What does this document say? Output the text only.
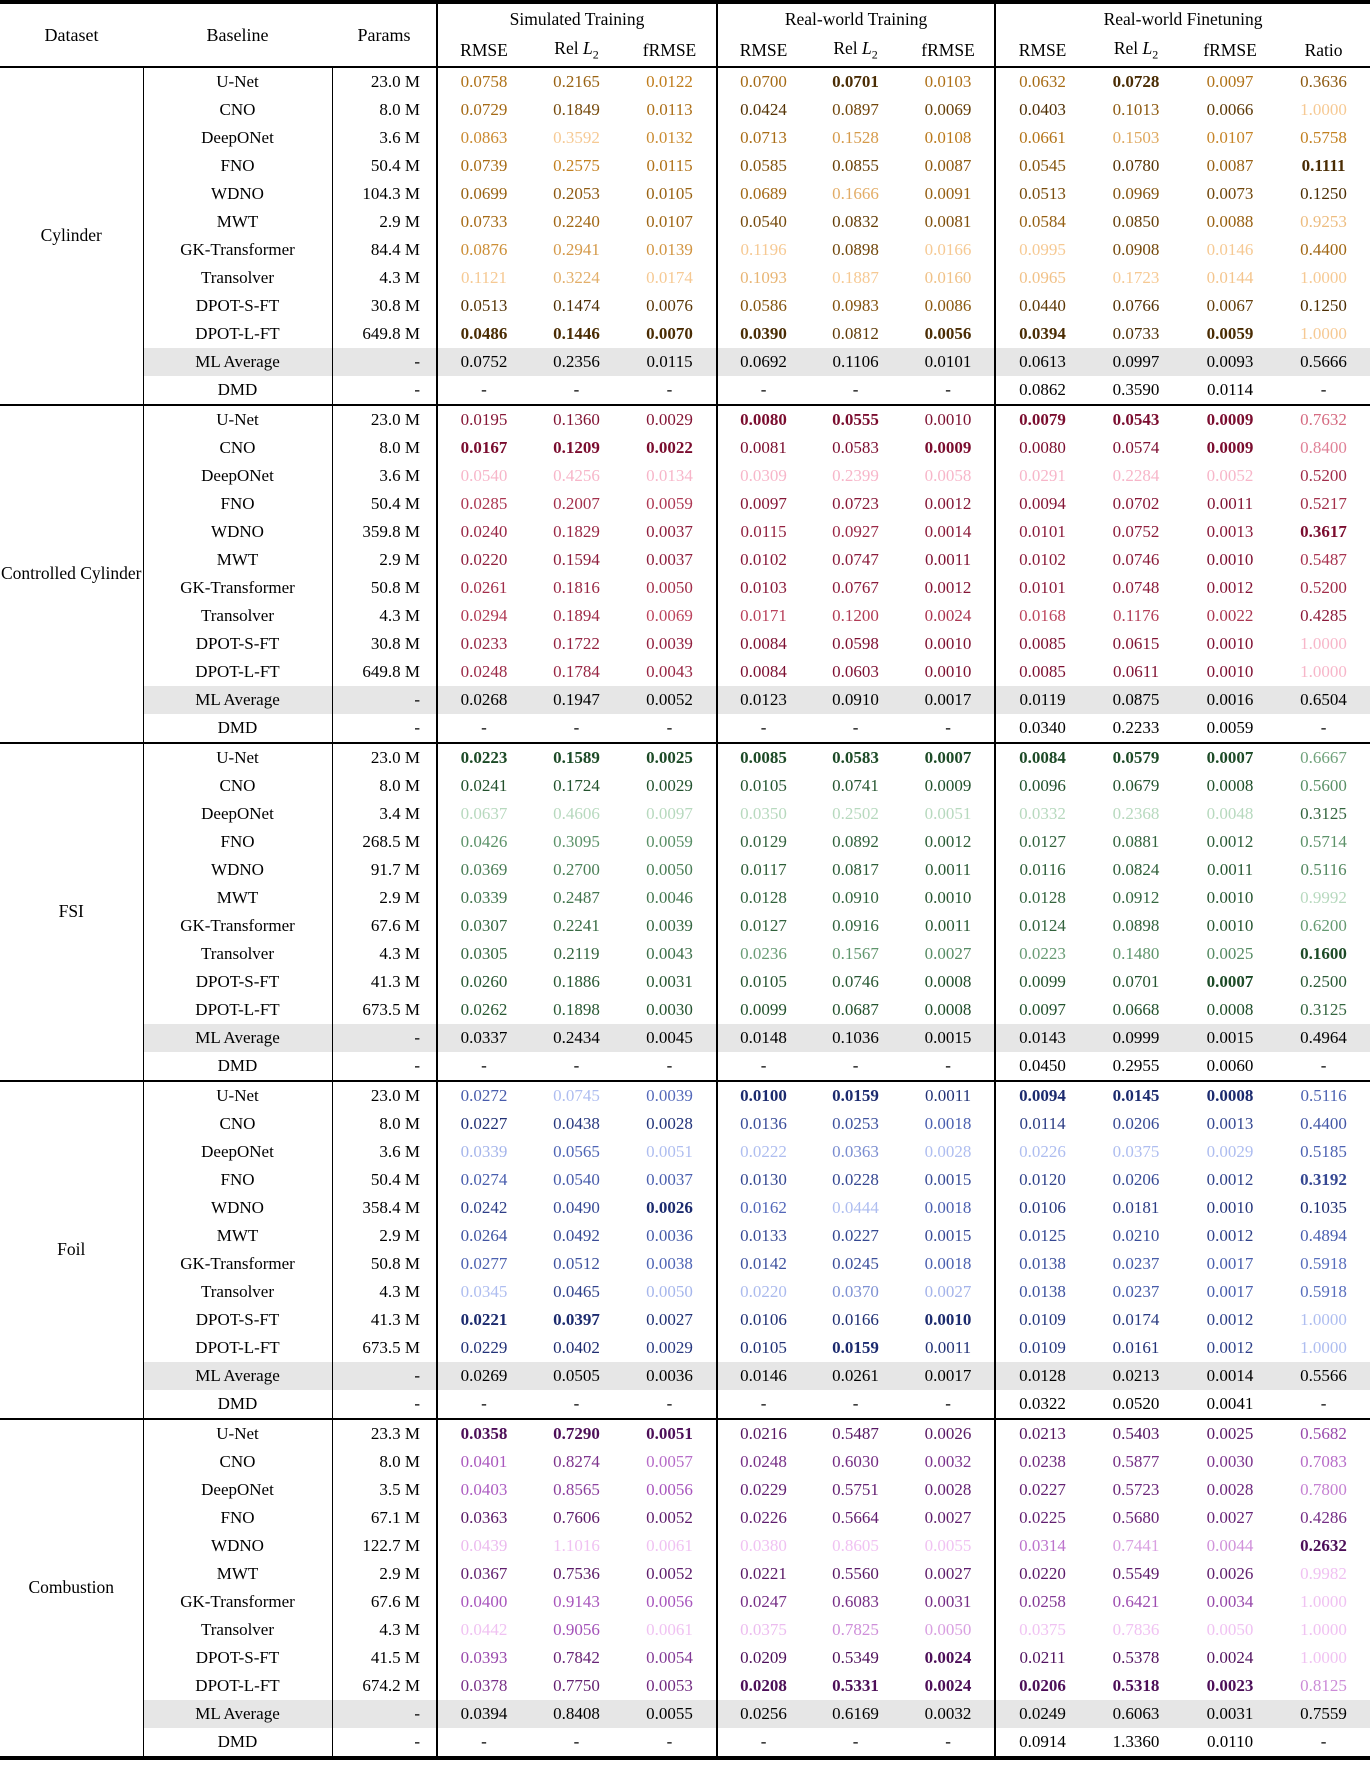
Dataset	Baseline	Params	Simulated Training			Real-world Training			Real-world Finetuning			
			RMSE	Rel $L_2$	fRMSE	RMSE	Rel $L_2$	fRMSE	RMSE	Rel $L_2$	fRMSE	Ratio
Cylinder	U-Net	23.0 M	0.0758	0.2165	0.0122	0.0700	0.0701	0.0103	0.0632	0.0728	0.0097	0.3636
	CNO	8.0 M	0.0729	0.1849	0.0113	0.0424	0.0897	0.0069	0.0403	0.1013	0.0066	1.0000
	DeepONet	3.6 M	0.0863	0.3592	0.0132	0.0713	0.1528	0.0108	0.0661	0.1503	0.0107	0.5758
	FNO	50.4 M	0.0739	0.2575	0.0115	0.0585	0.0855	0.0087	0.0545	0.0780	0.0087	0.1111
	WDNO	104.3 M	0.0699	0.2053	0.0105	0.0689	0.1666	0.0091	0.0513	0.0969	0.0073	0.1250
	MWT	2.9 M	0.0733	0.2240	0.0107	0.0540	0.0832	0.0081	0.0584	0.0850	0.0088	0.9253
	GK-Transformer	84.4 M	0.0876	0.2941	0.0139	0.1196	0.0898	0.0166	0.0995	0.0908	0.0146	0.4400
	Transolver	4.3 M	0.1121	0.3224	0.0174	0.1093	0.1887	0.0160	0.0965	0.1723	0.0144	1.0000
	DPOT-S-FT	30.8 M	0.0513	0.1474	0.0076	0.0586	0.0983	0.0086	0.0440	0.0766	0.0067	0.1250
	DPOT-L-FT	649.8 M	0.0486	0.1446	0.0070	0.0390	0.0812	0.0056	0.0394	0.0733	0.0059	1.0000
	ML Average	-	0.0752	0.2356	0.0115	0.0692	0.1106	0.0101	0.0613	0.0997	0.0093	0.5666
	DMD	-	-	-	-	-	-	-	0.0862	0.3590	0.0114	-
Controlled Cylinder	U-Net	23.0 M	0.0195	0.1360	0.0029	0.0080	0.0555	0.0010	0.0079	0.0543	0.0009	0.7632
	CNO	8.0 M	0.0167	0.1209	0.0022	0.0081	0.0583	0.0009	0.0080	0.0574	0.0009	0.8400
	DeepONet	3.6 M	0.0540	0.4256	0.0134	0.0309	0.2399	0.0058	0.0291	0.2284	0.0052	0.5200
	FNO	50.4 M	0.0285	0.2007	0.0059	0.0097	0.0723	0.0012	0.0094	0.0702	0.0011	0.5217
	WDNO	359.8 M	0.0240	0.1829	0.0037	0.0115	0.0927	0.0014	0.0101	0.0752	0.0013	0.3617
	MWT	2.9 M	0.0220	0.1594	0.0037	0.0102	0.0747	0.0011	0.0102	0.0746	0.0010	0.5487
	GK-Transformer	50.8 M	0.0261	0.1816	0.0050	0.0103	0.0767	0.0012	0.0101	0.0748	0.0012	0.5200
	Transolver	4.3 M	0.0294	0.1894	0.0069	0.0171	0.1200	0.0024	0.0168	0.1176	0.0022	0.4285
	DPOT-S-FT	30.8 M	0.0233	0.1722	0.0039	0.0084	0.0598	0.0010	0.0085	0.0615	0.0010	1.0000
	DPOT-L-FT	649.8 M	0.0248	0.1784	0.0043	0.0084	0.0603	0.0010	0.0085	0.0611	0.0010	1.0000
	ML Average	-	0.0268	0.1947	0.0052	0.0123	0.0910	0.0017	0.0119	0.0875	0.0016	0.6504
	DMD	-	-	-	-	-	-	-	0.0340	0.2233	0.0059	-
FSI	U-Net	23.0 M	0.0223	0.1589	0.0025	0.0085	0.0583	0.0007	0.0084	0.0579	0.0007	0.6667
	CNO	8.0 M	0.0241	0.1724	0.0029	0.0105	0.0741	0.0009	0.0096	0.0679	0.0008	0.5600
	DeepONet	3.4 M	0.0637	0.4606	0.0097	0.0350	0.2502	0.0051	0.0332	0.2368	0.0048	0.3125
	FNO	268.5 M	0.0426	0.3095	0.0059	0.0129	0.0892	0.0012	0.0127	0.0881	0.0012	0.5714
	WDNO	91.7 M	0.0369	0.2700	0.0050	0.0117	0.0817	0.0011	0.0116	0.0824	0.0011	0.5116
	MWT	2.9 M	0.0339	0.2487	0.0046	0.0128	0.0910	0.0010	0.0128	0.0912	0.0010	0.9992
	GK-Transformer	67.6 M	0.0307	0.2241	0.0039	0.0127	0.0916	0.0011	0.0124	0.0898	0.0010	0.6200
	Transolver	4.3 M	0.0305	0.2119	0.0043	0.0236	0.1567	0.0027	0.0223	0.1480	0.0025	0.1600
	DPOT-S-FT	41.3 M	0.0260	0.1886	0.0031	0.0105	0.0746	0.0008	0.0099	0.0701	0.0007	0.2500
	DPOT-L-FT	673.5 M	0.0262	0.1898	0.0030	0.0099	0.0687	0.0008	0.0097	0.0668	0.0008	0.3125
	ML Average	-	0.0337	0.2434	0.0045	0.0148	0.1036	0.0015	0.0143	0.0999	0.0015	0.4964
	DMD	-	-	-	-	-	-	-	0.0450	0.2955	0.0060	-
Foil	U-Net	23.0 M	0.0272	0.0745	0.0039	0.0100	0.0159	0.0011	0.0094	0.0145	0.0008	0.5116
	CNO	8.0 M	0.0227	0.0438	0.0028	0.0136	0.0253	0.0018	0.0114	0.0206	0.0013	0.4400
	DeepONet	3.6 M	0.0339	0.0565	0.0051	0.0222	0.0363	0.0028	0.0226	0.0375	0.0029	0.5185
	FNO	50.4 M	0.0274	0.0540	0.0037	0.0130	0.0228	0.0015	0.0120	0.0206	0.0012	0.3192
	WDNO	358.4 M	0.0242	0.0490	0.0026	0.0162	0.0444	0.0018	0.0106	0.0181	0.0010	0.1035
	MWT	2.9 M	0.0264	0.0492	0.0036	0.0133	0.0227	0.0015	0.0125	0.0210	0.0012	0.4894
	GK-Transformer	50.8 M	0.0277	0.0512	0.0038	0.0142	0.0245	0.0018	0.0138	0.0237	0.0017	0.5918
	Transolver	4.3 M	0.0345	0.0465	0.0050	0.0220	0.0370	0.0027	0.0138	0.0237	0.0017	0.5918
	DPOT-S-FT	41.3 M	0.0221	0.0397	0.0027	0.0106	0.0166	0.0010	0.0109	0.0174	0.0012	1.0000
	DPOT-L-FT	673.5 M	0.0229	0.0402	0.0029	0.0105	0.0159	0.0011	0.0109	0.0161	0.0012	1.0000
	ML Average	-	0.0269	0.0505	0.0036	0.0146	0.0261	0.0017	0.0128	0.0213	0.0014	0.5566
	DMD	-	-	-	-	-	-	-	0.0322	0.0520	0.0041	-
Combustion	U-Net	23.3 M	0.0358	0.7290	0.0051	0.0216	0.5487	0.0026	0.0213	0.5403	0.0025	0.5682
	CNO	8.0 M	0.0401	0.8274	0.0057	0.0248	0.6030	0.0032	0.0238	0.5877	0.0030	0.7083
	DeepONet	3.5 M	0.0403	0.8565	0.0056	0.0229	0.5751	0.0028	0.0227	0.5723	0.0028	0.7800
	FNO	67.1 M	0.0363	0.7606	0.0052	0.0226	0.5664	0.0027	0.0225	0.5680	0.0027	0.4286
	WDNO	122.7 M	0.0439	1.1016	0.0061	0.0380	0.8605	0.0055	0.0314	0.7441	0.0044	0.2632
	MWT	2.9 M	0.0367	0.7536	0.0052	0.0221	0.5560	0.0027	0.0220	0.5549	0.0026	0.9982
	GK-Transformer	67.6 M	0.0400	0.9143	0.0056	0.0247	0.6083	0.0031	0.0258	0.6421	0.0034	1.0000
	Transolver	4.3 M	0.0442	0.9056	0.0061	0.0375	0.7825	0.0050	0.0375	0.7836	0.0050	1.0000
	DPOT-S-FT	41.5 M	0.0393	0.7842	0.0054	0.0209	0.5349	0.0024	0.0211	0.5378	0.0024	1.0000
	DPOT-L-FT	674.2 M	0.0378	0.7750	0.0053	0.0208	0.5331	0.0024	0.0206	0.5318	0.0023	0.8125
	ML Average	-	0.0394	0.8408	0.0055	0.0256	0.6169	0.0032	0.0249	0.6063	0.0031	0.7559
	DMD	-	-	-	-	-	-	-	0.0914	1.3360	0.0110	-
